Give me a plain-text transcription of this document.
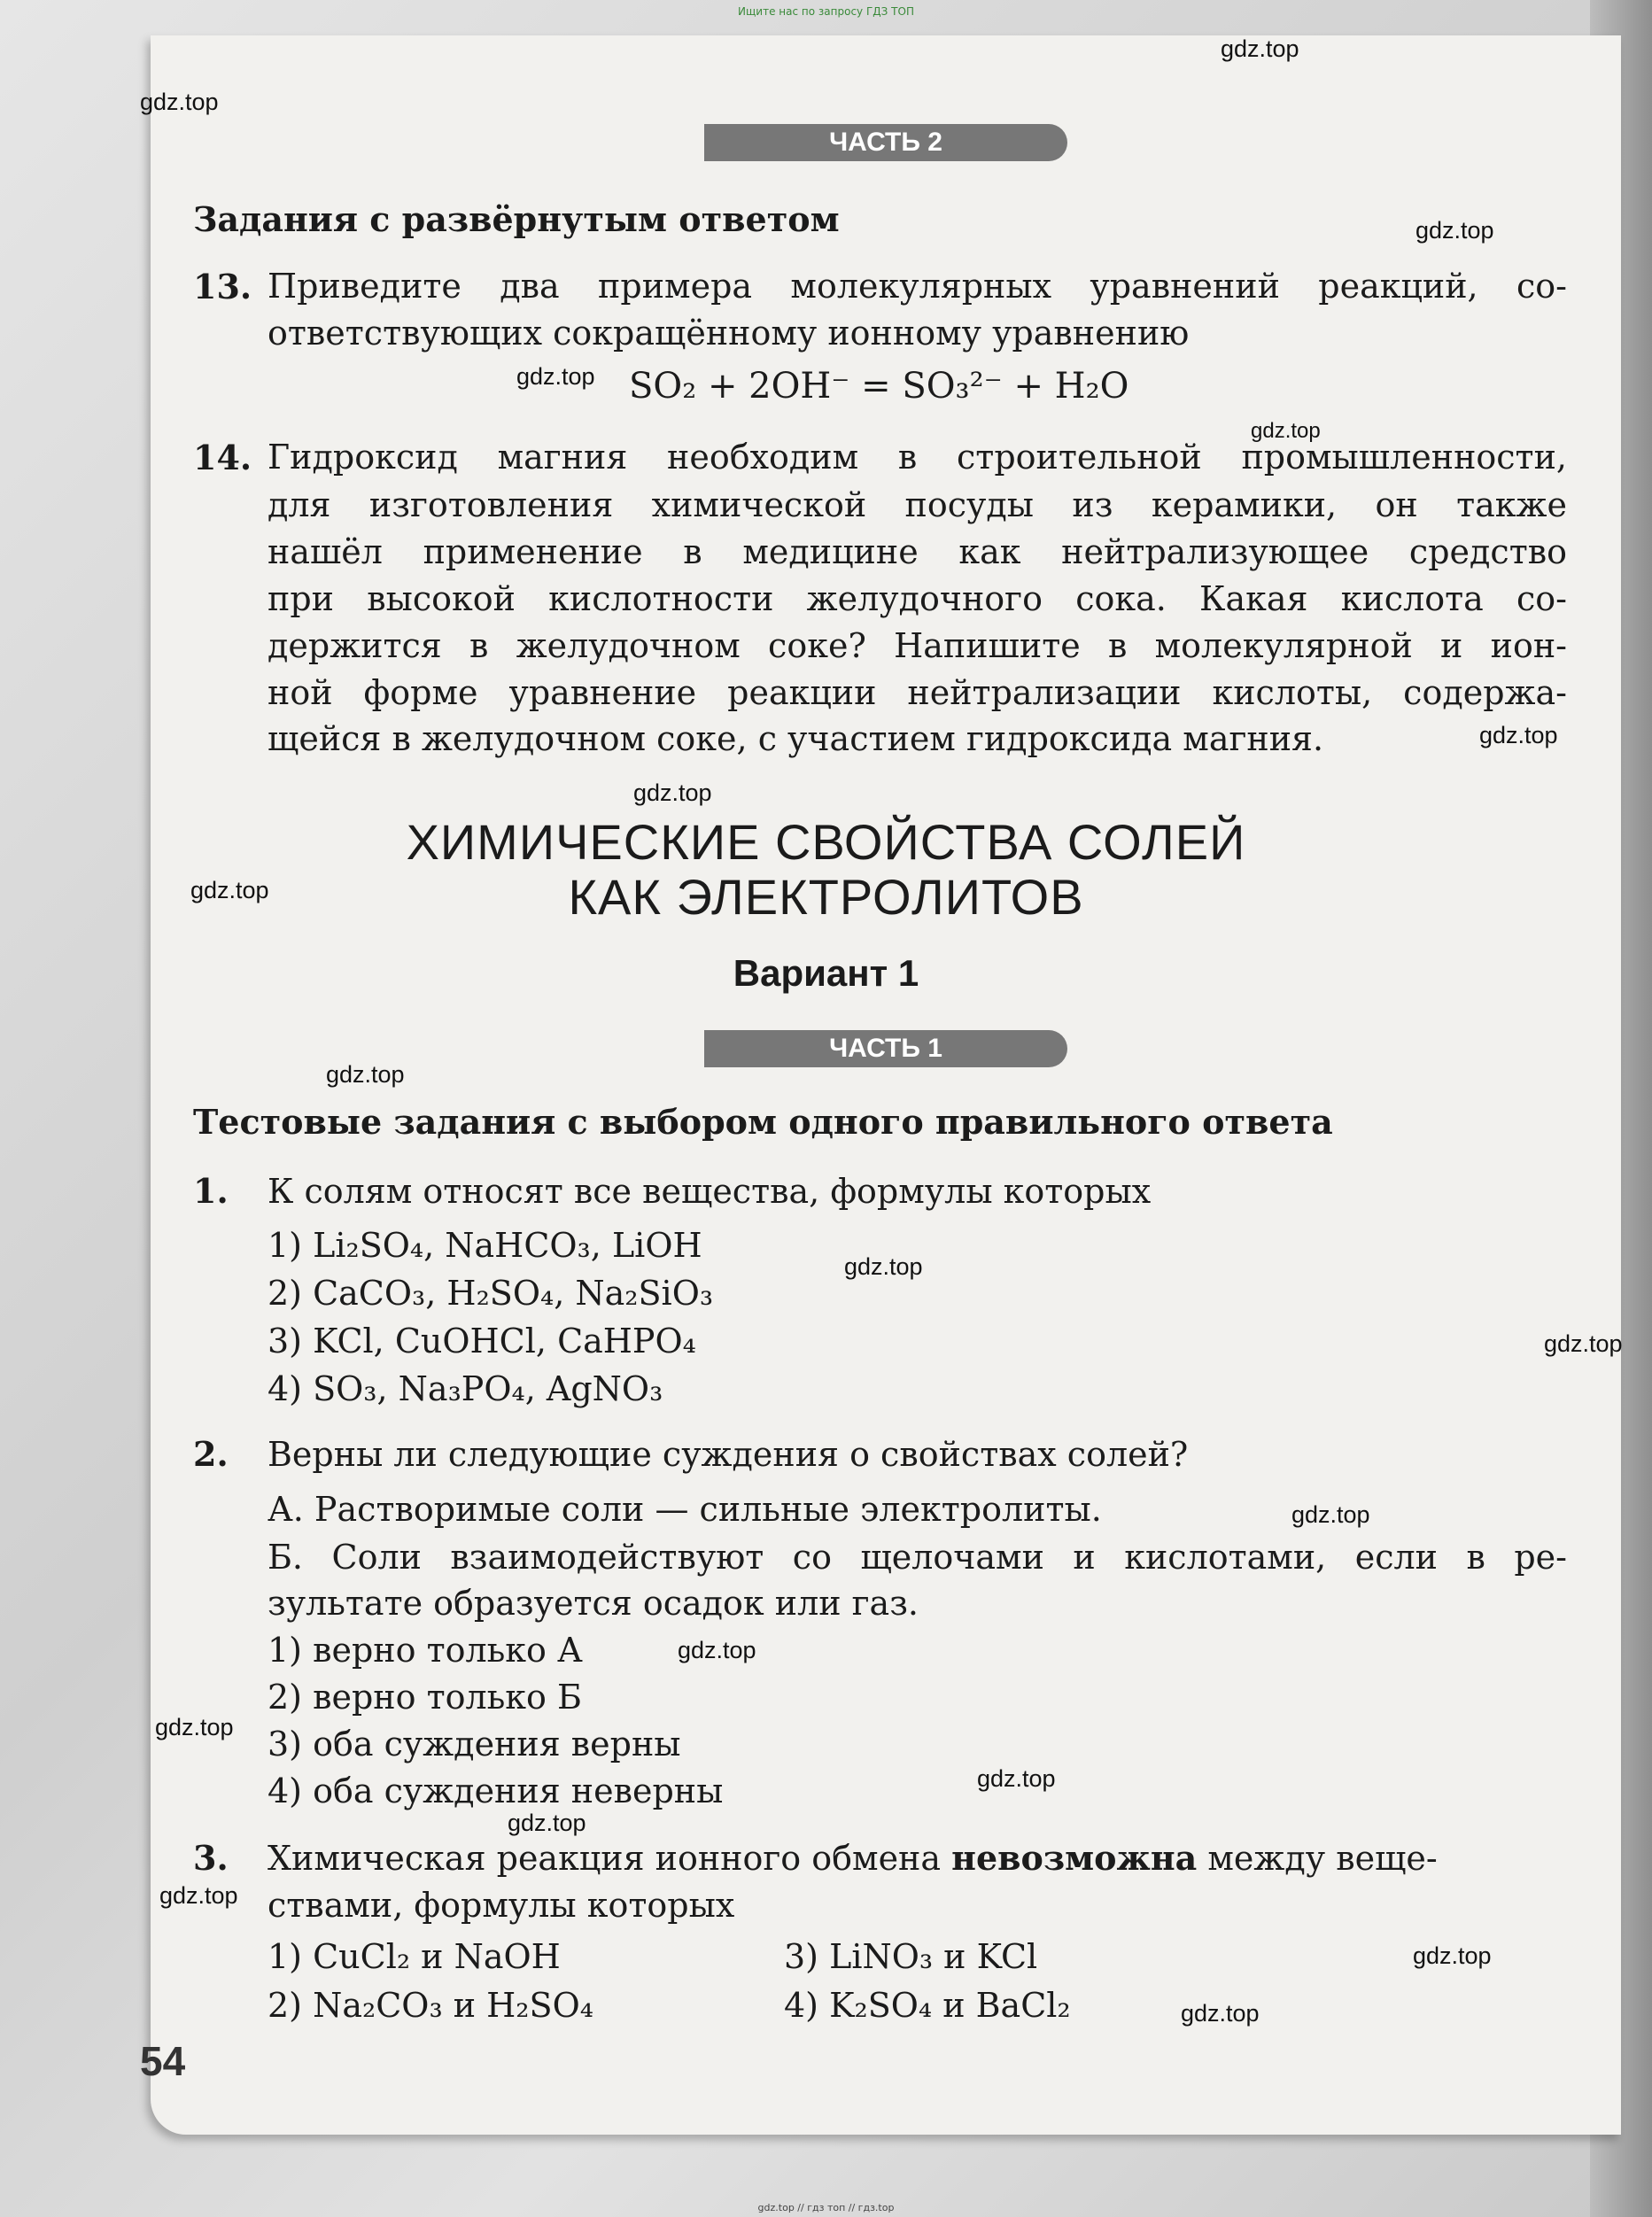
Ищите нас по запросу ГДЗ ТОП
gdz.top
gdz.top
gdz.top
gdz.top
gdz.top
gdz.top
gdz.top
gdz.top
gdz.top
gdz.top
gdz.top
gdz.top
gdz.top
gdz.top
gdz.top
gdz.top
gdz.top
gdz.top
gdz.top
ЧАСТЬ 2
Задания с развёрнутым ответом
13. Приведите два примера молекулярных уравнений реакций, со-
ответствующих сокращённому ионному уравнению
SO₂ + 2OH⁻ = SO₃²⁻ + H₂O
14. Гидроксид магния необходим в строительной промышленности,
для изготовления химической посуды из керамики, он также
нашёл применение в медицине как нейтрализующее средство
при высокой кислотности желудочного сока. Какая кислота со-
держится в желудочном соке? Напишите в молекулярной и ион-
ной форме уравнение реакции нейтрализации кислоты, содержа-
щейся в желудочном соке, с участием гидроксида магния.
ХИМИЧЕСКИЕ СВОЙСТВА СОЛЕЙ
КАК ЭЛЕКТРОЛИТОВ
Вариант 1
ЧАСТЬ 1
Тестовые задания с выбором одного правильного ответа
1. К солям относят все вещества, формулы которых
1) Li₂SO₄, NaHCO₃, LiOH
2) CaCO₃, H₂SO₄, Na₂SiO₃
3) KCl, CuOHCl, CaHPO₄
4) SO₃, Na₃PO₄, AgNO₃
2. Верны ли следующие суждения о свойствах солей?
А. Растворимые соли — сильные электролиты.
Б. Соли взаимодействуют со щелочами и кислотами, если в ре-
зультате образуется осадок или газ.
1) верно только А
2) верно только Б
3) оба суждения верны
4) оба суждения неверны
3. Химическая реакция ионного обмена невозможна между веще-
ствами, формулы которых
1) CuCl₂ и NaOH	3) LiNO₃ и KCl
2) Na₂CO₃ и H₂SO₄	4) K₂SO₄ и BaCl₂
54
gdz.top // гдз топ // гдз.top
